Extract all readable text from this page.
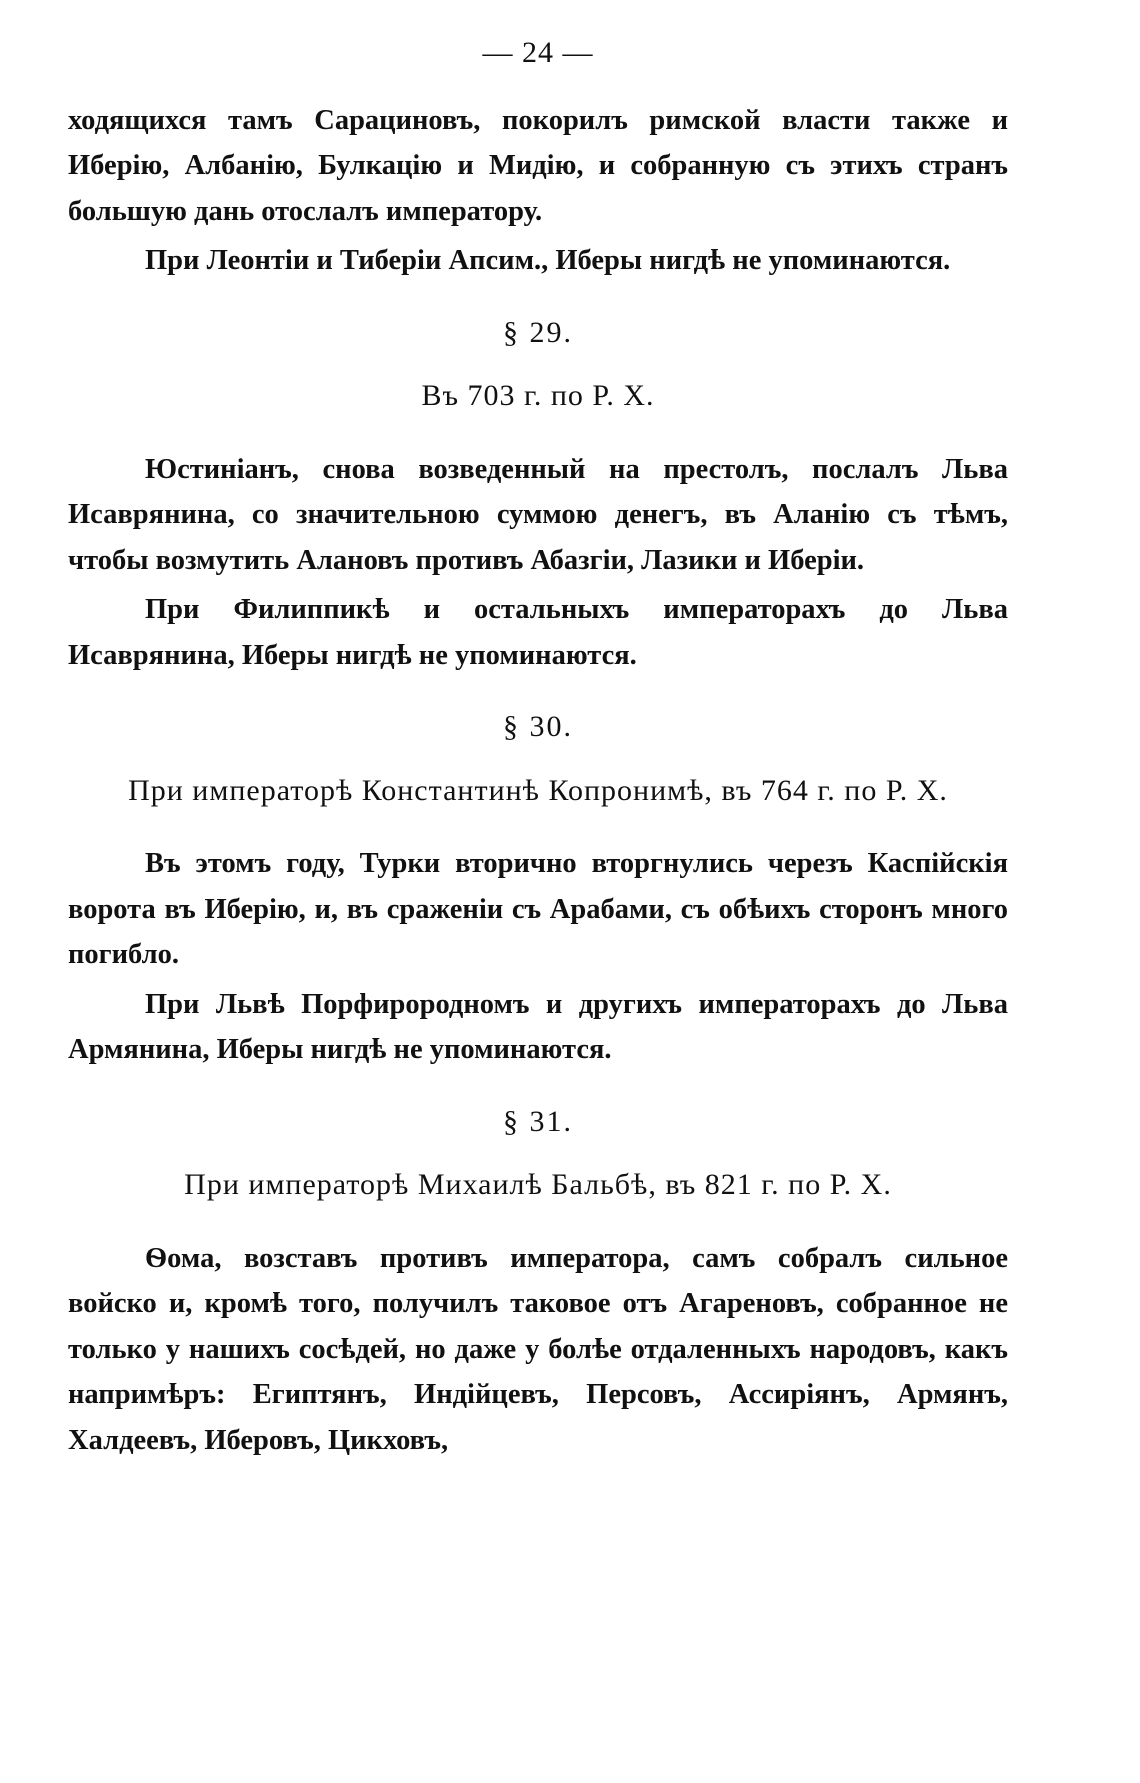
— 24 —

ходящихся тамъ Сарациновъ, покорилъ римской власти также и Иберію, Албанію, Булкацію и Мидію, и собранную съ этихъ странъ большую дань отослалъ императору.

При Леонтіи и Тиберіи Апсим., Иберы нигдѣ не упоминаются.

§ 29.
Въ 703 г. по Р. Х.

Юстиніанъ, снова возведенный на престолъ, послалъ Льва Исаврянина, со значительною суммою денегъ, въ Аланію съ тѣмъ, чтобы возмутить Алановъ противъ Абазгіи, Лазики и Иберіи.

При Филиппикѣ и остальныхъ императорахъ до Льва Исаврянина, Иберы нигдѣ не упоминаются.

§ 30.
При императорѣ Константинѣ Копронимѣ, въ 764 г. по Р. Х.

Въ этомъ году, Турки вторично вторгнулись черезъ Каспійскія ворота въ Иберію, и, въ сраженіи съ Арабами, съ обѣихъ сторонъ много погибло.

При Львѣ Порфирородномъ и другихъ императорахъ до Льва Армянина, Иберы нигдѣ не упоминаются.

§ 31.
При императорѣ Михаилѣ Бальбѣ, въ 821 г. по Р. Х.

Ѳома, возставъ противъ императора, самъ собралъ сильное войско и, кромѣ того, получилъ таковое отъ Агареновъ, собранное не только у нашихъ сосѣдей, но даже у болѣе отдаленныхъ народовъ, какъ напримѣръ: Египтянъ, Индійцевъ, Персовъ, Ассиріянъ, Армянъ, Халдеевъ, Иберовъ, Цикховъ,
